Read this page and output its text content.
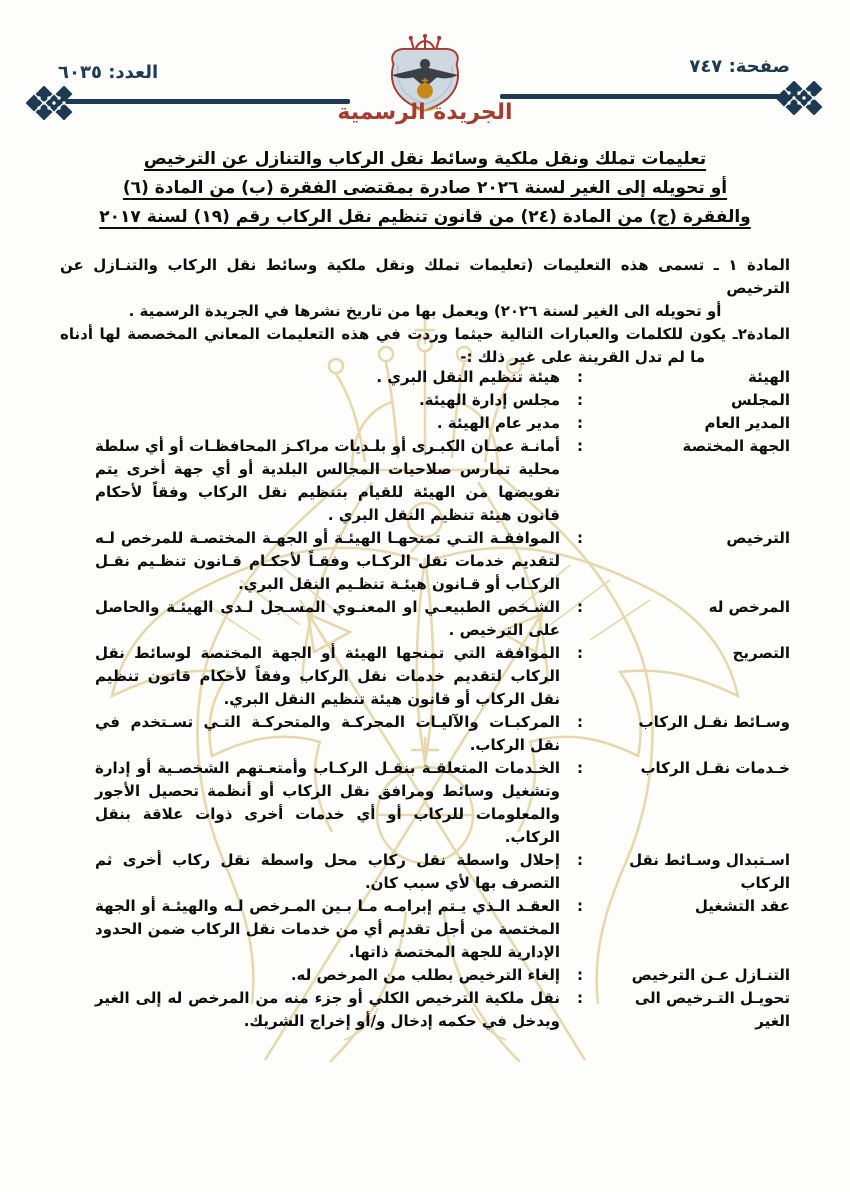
صفحة: ٧٤٧
العدد: ٦٠٣٥
الجريدة الرسمية
تعليمات تملك ونقل ملكية وسائط نقل الركاب والتنازل عن الترخيص
أو تحويله إلى الغير لسنة ٢٠٢٦ صادرة بمقتضى الفقرة (ب) من المادة (٦)
والفقرة (ج) من المادة (٢٤) من قانون تنظيم نقل الركاب رقم (١٩) لسنة ٢٠١٧
المادة ١ ـ تسمى هذه التعليمات (تعليمات تملك ونقل ملكية وسائط نقل الركاب والتنـازل عن الترخيص
أو تحويله الى الغير لسنة ٢٠٢٦) ويعمل بها من تاريخ نشرها في الجريدة الرسمية .
المادة٢ـ يكون للكلمات والعبارات التالية حيثما وردت في هذه التعليمات المعاني المخصصة لها أدناه
ما لم تدل القرينة على غير ذلك :-
الهيئة
:
هيئة تنظيم النقل البري .
المجلس
:
مجلس إدارة الهيئة.
المدير العام
:
مدير عام الهيئة .
الجهة المختصة
:
أمانـة عمـان الكبـرى أو بلـديات مراكـز المحافظـات أو أي سلطة محلية تمارس صلاحيات المجالس البلدية أو أي جهة أخرى يتم تفويضها من الهيئة للقيام بتنظيم نقل الركاب وفقاً لأحكام قانون هيئة تنظيم النقل البري .
الترخيص
:
الموافقـة التـي تمنحهـا الهيئـة أو الجهـة المختصـة للمرخص لـه لتقديم خدمات نقل الركـاب وفقـاً لأحكـام قـانون تنظـيم نقـل الركـاب أو قـانون هيئـة تنظـيم النقل البري.
المرخص له
:
الشـخص الطبيعـي او المعنـوي المسـجل لـدى الهيئـة والحاصل على الترخيص .
التصريح
:
الموافقة التي تمنحها الهيئة أو الجهة المختصة لوسائط نقل الركاب لتقديم خدمات نقل الركاب وفقاً لأحكام قانون تنظيم نقل الركاب أو قانون هيئة تنظيم النقل البري.
وسـائط نقـل الركاب
:
المركبـات والآليـات المحركـة والمتحركـة التـي تسـتخدم في نقل الركاب.
خـدمات نقـل الركاب
:
الخـدمات المتعلقـة بنقـل الركـاب وأمتعـتهم الشخصـية أو إدارة وتشغيل وسائط ومرافق نقل الركاب أو أنظمة تحصيل الأجور والمعلومات للركاب أو أي خدمات أخرى ذوات علاقة بنقل الركاب.
اسـتبدال وسـائط نقل الركاب
:
إحلال واسطة نقل ركاب محل واسطة نقل ركاب أخرى ثم التصرف بها لأي سبب كان.
عقد التشغيل
:
العقـد الـذي يـتم إبرامـه مـا بـين المـرخص لـه والهيئـة أو الجهة المختصة من أجل تقديم أي من خدمات نقل الركاب ضمن الحدود الإدارية للجهة المختصة ذاتها.
التنـازل عـن الترخيص
:
إلغاء الترخيص بطلب من المرخص له.
تحويـل التـرخيص الى الغير
:
نقل ملكية الترخيص الكلي أو جزء منه من المرخص له إلى الغير ويدخل في حكمه إدخال و/أو إخراج الشريك.
